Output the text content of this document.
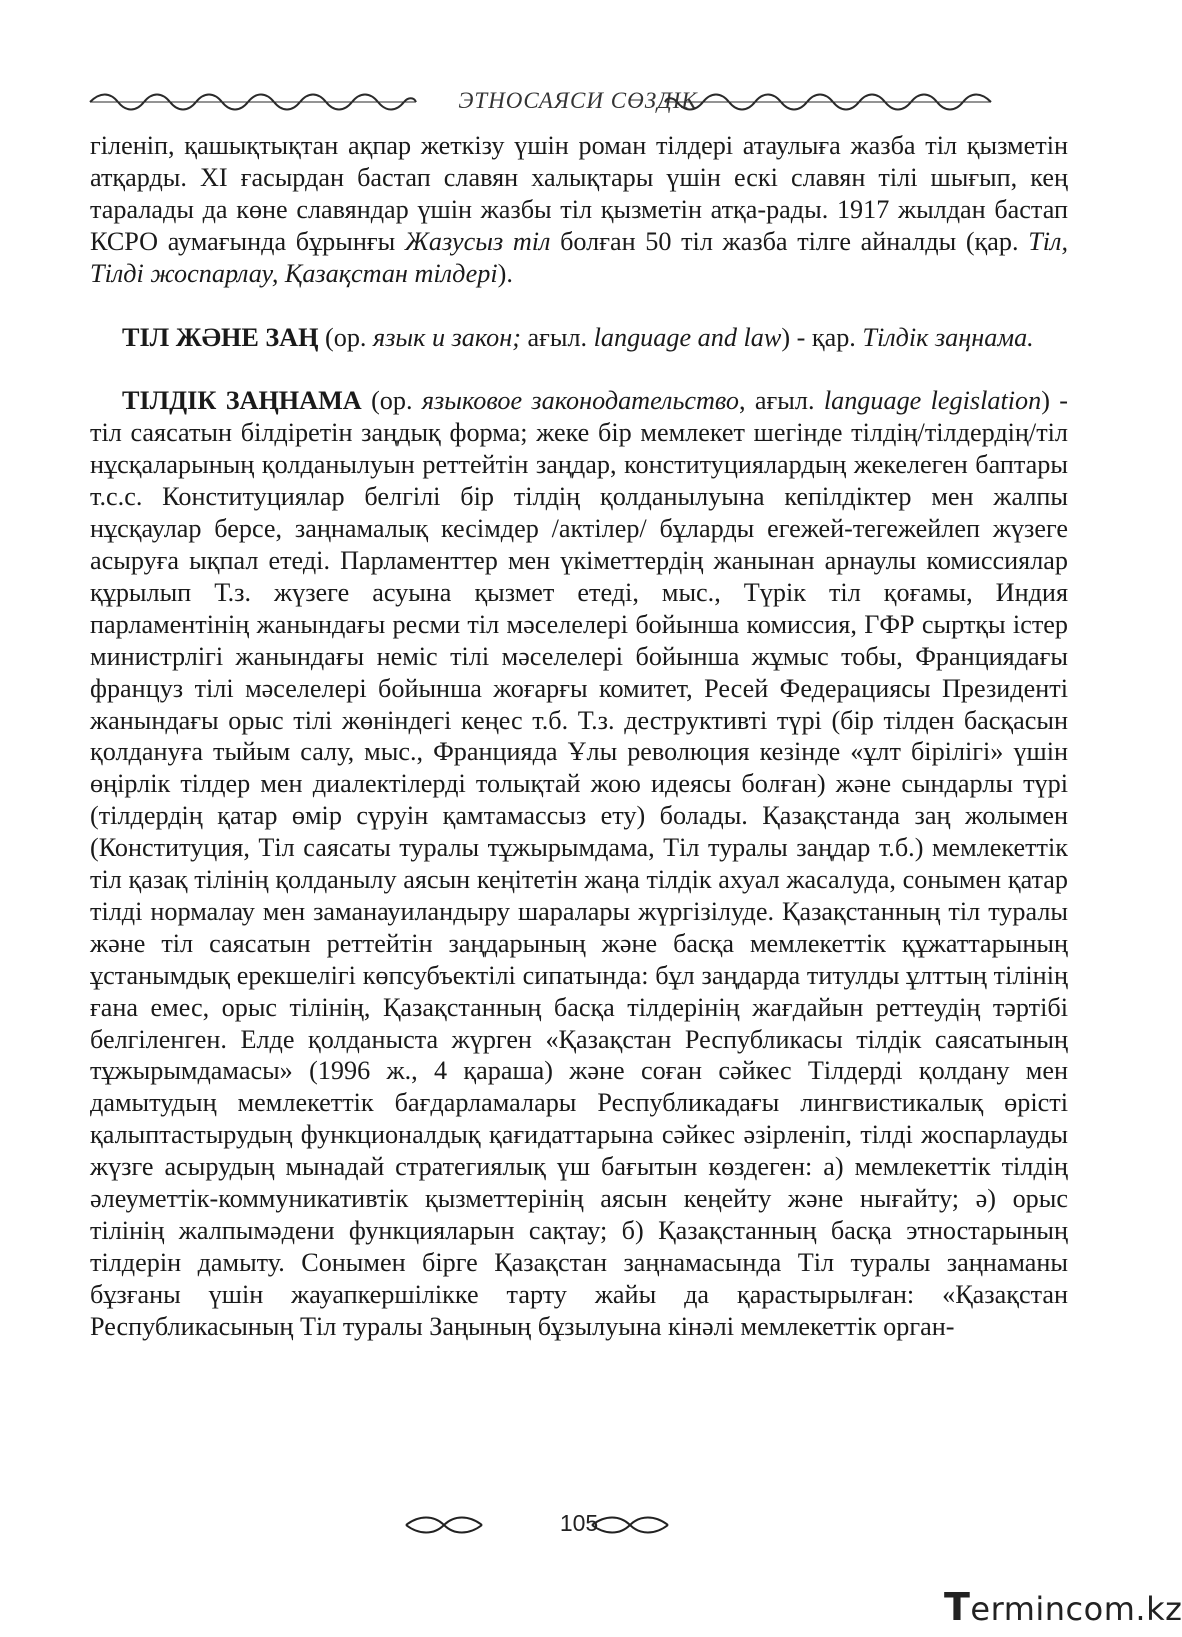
ЭТНОСАЯСИ СӨЗДІК

гіленіп, қашықтықтан ақпар жеткізу үшін роман тілдері атаулыға жазба тіл қызметін атқарды. ХІ ғасырдан бастап славян халықтары үшін ескі славян тілі шығып, кең таралады да көне славяндар үшін жазбы тіл қызметін атқа-рады. 1917 жылдан бастап КСРО аумағында бұрынғы Жазусыз тіл болған 50 тіл жазба тілге айналды (қар. Тіл, Тілді жоспарлау, Қазақстан тілдері).

ТІЛ ЖӘНЕ ЗАҢ (ор. язык и закон; ағыл. language and law) - қар. Тілдік заңнама.

ТІЛДІК ЗАҢНАМА (ор. языковое законодательство, ағыл. language legislation) - тіл саясатын білдіретін заңдық форма; жеке бір мемлекет шегінде тілдің/тілдердің/тіл нұсқаларының қолданылуын реттейтін заңдар, конституциялардың жекелеген баптары т.с.с. Конституциялар белгілі бір тілдің қолданылуына кепілдіктер мен жалпы нұсқаулар берсе, заңнамалық кесімдер /актілер/ бұларды егежей-тегежейлеп жүзеге асыруға ықпал етеді. Парламенттер мен үкіметтердің жанынан арнаулы комиссиялар құрылып Т.з. жүзеге асуына қызмет етеді, мыс., Түрік тіл қоғамы, Индия парламентінің жанындағы ресми тіл мәселелері бойынша комиссия, ГФР сыртқы істер министрлігі жанындағы неміс тілі мәселелері бойынша жұмыс тобы, Франциядағы француз тілі мәселелері бойынша жоғарғы комитет, Ресей Федерациясы Президенті жанындағы орыс тілі жөніндегі кеңес т.б. Т.з. деструктивті түрі (бір тілден басқасын қолдануға тыйым салу, мыс., Францияда Ұлы революция кезінде «ұлт бірілігі» үшін өңірлік тілдер мен диалектілерді толықтай жою идеясы болған) және сындарлы түрі (тілдердің қатар өмір сүруін қамтамассыз ету) болады. Қазақстанда заң жолымен (Конституция, Тіл саясаты туралы тұжырымдама, Тіл туралы заңдар т.б.) мемлекеттік тіл қазақ тілінің қолданылу аясын кеңітетін жаңа тілдік ахуал жасалуда, сонымен қатар тілді нормалау мен заманауиландыру шаралары жүргізілуде. Қазақстанның тіл туралы және тіл саясатын реттейтін заңдарының және басқа мемлекеттік құжаттарының ұстанымдық ерекшелігі көпсубъектілі сипатында: бұл заңдарда титулды ұлттың тілінің ғана емес, орыс тілінің, Қазақстанның басқа тілдерінің жағдайын реттеудің тәртібі белгіленген. Елде қолданыста жүрген «Қазақстан Республикасы тілдік саясатының тұжырымдамасы» (1996 ж., 4 қараша) және соған сәйкес Тілдерді қолдану мен дамытудың мемлекеттік бағдарламалары Республикадағы лингвистикалық өрісті қалыптастырудың функционалдық қағидаттарына сәйкес әзірленіп, тілді жоспарлауды жүзге асырудың мынадай стратегиялық үш бағытын көздеген: а) мемлекеттік тілдің әлеуметтік-коммуникативтік қызметтерінің аясын кеңейту және нығайту; ә) орыс тілінің жалпымәдени функцияларын сақтау; б) Қазақстанның басқа этностарының тілдерін дамыту. Сонымен бірге Қазақстан заңнамасында Тіл туралы заңнаманы бұзғаны үшін жауапкершілікке тарту жайы да қарастырылған: «Қазақстан Республикасының Тіл туралы Заңының бұзылуына кінәлі мемлекеттік орган-

105
Termincom.kz
